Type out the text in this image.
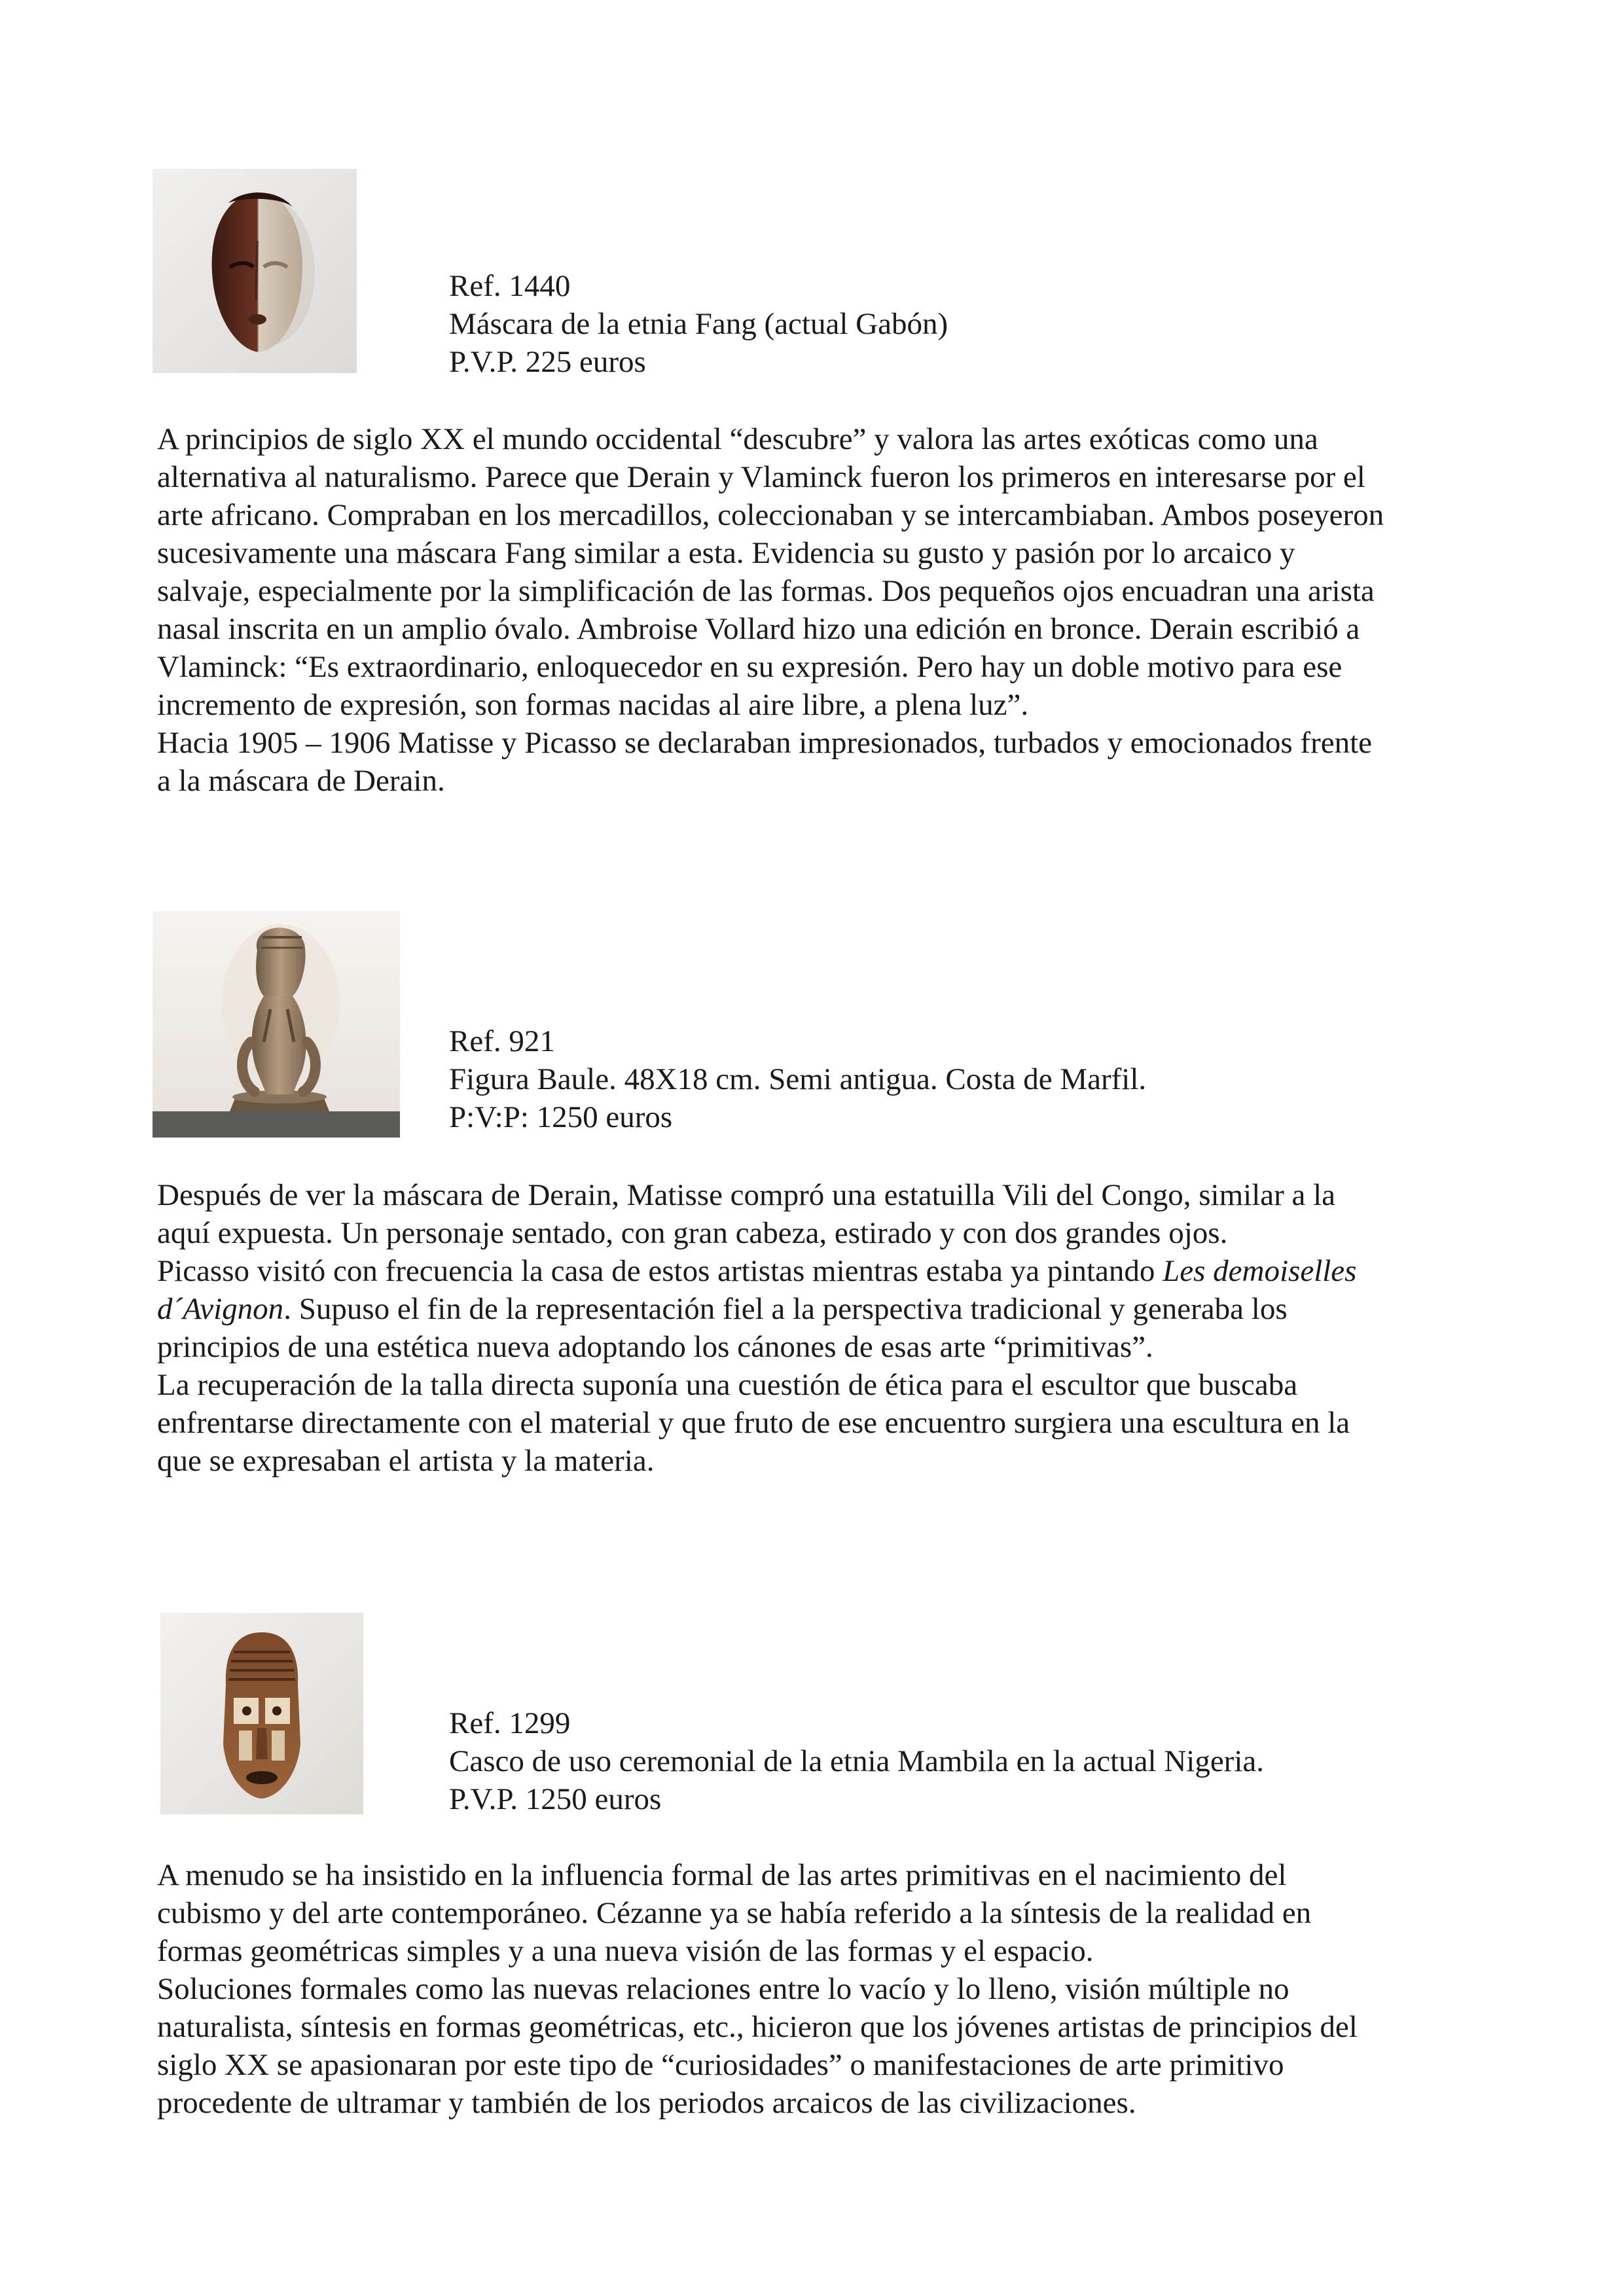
Ref. 1440
Máscara de la etnia Fang (actual Gabón)
P.V.P. 225 euros

A principios de siglo XX el mundo occidental “descubre” y valora las artes exóticas como una
alternativa al naturalismo. Parece que Derain y Vlaminck fueron los primeros en interesarse por el
arte africano. Compraban en los mercadillos, coleccionaban y se intercambiaban. Ambos poseyeron
sucesivamente una máscara Fang similar a esta. Evidencia su gusto y pasión por lo arcaico y
salvaje, especialmente por la simplificación de las formas. Dos pequeños ojos encuadran una arista
nasal inscrita en un amplio óvalo. Ambroise Vollard hizo una edición en bronce. Derain escribió a
Vlaminck: “Es extraordinario, enloquecedor en su expresión. Pero hay un doble motivo para ese
incremento de expresión, son formas nacidas al aire libre, a plena luz”.

Hacia 1905 – 1906 Matisse y Picasso se declaraban impresionados, turbados y emocionados frente
a la máscara de Derain.

Ref. 921
Figura Baule. 48X18 cm. Semi antigua. Costa de Marfil.
P:V:P: 1250 euros

Después de ver la máscara de Derain, Matisse compró una estatuilla Vili del Congo, similar a la
aquí expuesta. Un personaje sentado, con gran cabeza, estirado y con dos grandes ojos.

Picasso visitó con frecuencia la casa de estos artistas mientras estaba ya pintando Les demoiselles
d´Avignon. Supuso el fin de la representación fiel a la perspectiva tradicional y generaba los
principios de una estética nueva adoptando los cánones de esas arte “primitivas”.

La recuperación de la talla directa suponía una cuestión de ética para el escultor que buscaba
enfrentarse directamente con el material y que fruto de ese encuentro surgiera una escultura en la
que se expresaban el artista y la materia.

Ref. 1299
Casco de uso ceremonial de la etnia Mambila en la actual Nigeria.
P.V.P. 1250 euros

A menudo se ha insistido en la influencia formal de las artes primitivas en el nacimiento del
cubismo y del arte contemporáneo. Cézanne ya se había referido a la síntesis de la realidad en
formas geométricas simples y a una nueva visión de las formas y el espacio.

Soluciones formales como las nuevas relaciones entre lo vacío y lo lleno, visión múltiple no
naturalista, síntesis en formas geométricas, etc., hicieron que los jóvenes artistas de principios del
siglo XX se apasionaran por este tipo de “curiosidades” o manifestaciones de arte primitivo
procedente de ultramar y también de los periodos arcaicos de las civilizaciones.
